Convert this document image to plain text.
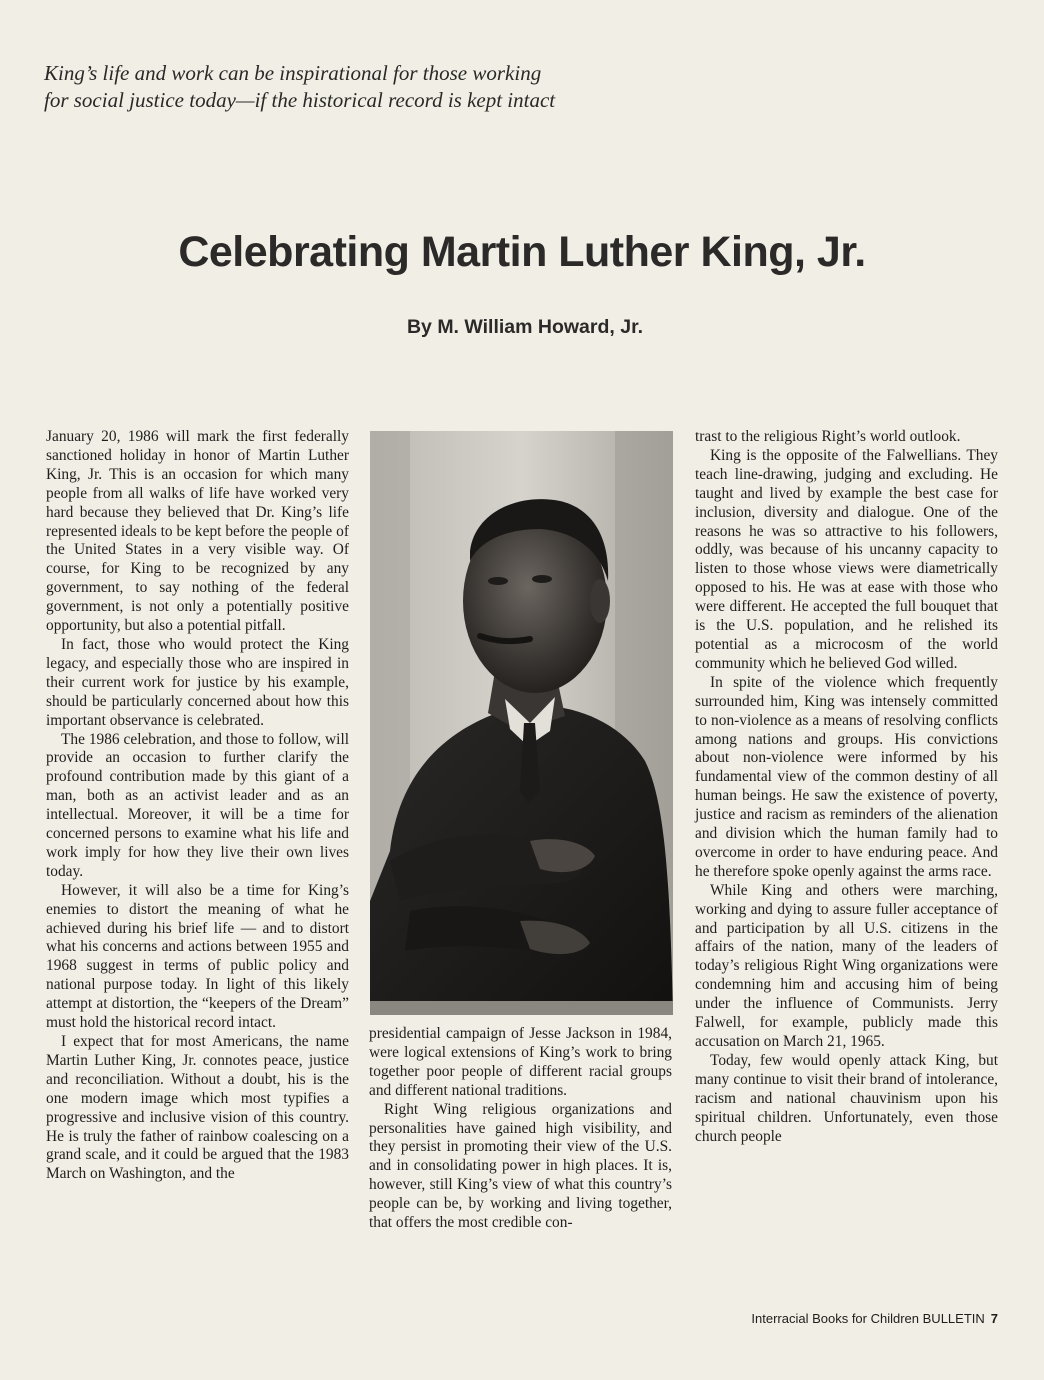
King’s life and work can be inspirational for those working

for social justice today—if the historical record is kept intact

Celebrating Martin Luther King, Jr.
By M. William Howard, Jr.

January 20, 1986 will mark the first federally sanctioned holiday in honor of Martin Luther King, Jr. This is an occasion for which many people from all walks of life have worked very hard because they believed that Dr. King’s life represented ideals to be kept before the people of the United States in a very visible way. Of course, for King to be recognized by any government, to say nothing of the federal government, is not only a potentially positive opportunity, but also a potential pitfall.

In fact, those who would protect the King legacy, and especially those who are inspired in their current work for justice by his example, should be particularly concerned about how this important observance is celebrated.

The 1986 celebration, and those to follow, will provide an occasion to further clarify the profound contribution made by this giant of a man, both as an activist leader and as an intellectual. Moreover, it will be a time for concerned persons to examine what his life and work imply for how they live their own lives today.

However, it will also be a time for King’s enemies to distort the meaning of what he achieved during his brief life — and to distort what his concerns and actions between 1955 and 1968 suggest in terms of public policy and national purpose today. In light of this likely attempt at distortion, the “keepers of the Dream” must hold the historical record intact.

I expect that for most Americans, the name Martin Luther King, Jr. connotes peace, justice and reconciliation. Without a doubt, his is the one modern image which most typifies a progressive and inclusive vision of this country. He is truly the father of rainbow coalescing on a grand scale, and it could be argued that the 1983 March on Washington, and the

presidential campaign of Jesse Jackson in 1984, were logical extensions of King’s work to bring together poor people of different racial groups and different national traditions.

Right Wing religious organizations and personalities have gained high visibility, and they persist in promoting their view of the U.S. and in consolidating power in high places. It is, however, still King’s view of what this country’s people can be, by working and living together, that offers the most credible con-

trast to the religious Right’s world outlook.

King is the opposite of the Falwellians. They teach line-drawing, judging and excluding. He taught and lived by example the best case for inclusion, diversity and dialogue. One of the reasons he was so attractive to his followers, oddly, was because of his uncanny capacity to listen to those whose views were diametrically opposed to his. He was at ease with those who were different. He accepted the full bouquet that is the U.S. population, and he relished its potential as a microcosm of the world community which he believed God willed.

In spite of the violence which frequently surrounded him, King was intensely committed to non-violence as a means of resolving conflicts among nations and groups. His convictions about non-violence were informed by his fundamental view of the common destiny of all human beings. He saw the existence of poverty, justice and racism as reminders of the alienation and division which the human family had to overcome in order to have enduring peace. And he therefore spoke openly against the arms race.

While King and others were marching, working and dying to assure fuller acceptance of and participation by all U.S. citizens in the affairs of the nation, many of the leaders of today’s religious Right Wing organizations were condemning him and accusing him of being under the influence of Communists. Jerry Falwell, for example, publicly made this accusation on March 21, 1965.

Today, few would openly attack King, but many continue to visit their brand of intolerance, racism and national chauvinism upon his spiritual children. Unfortunately, even those church people

Interracial Books for Children BULLETIN 7
